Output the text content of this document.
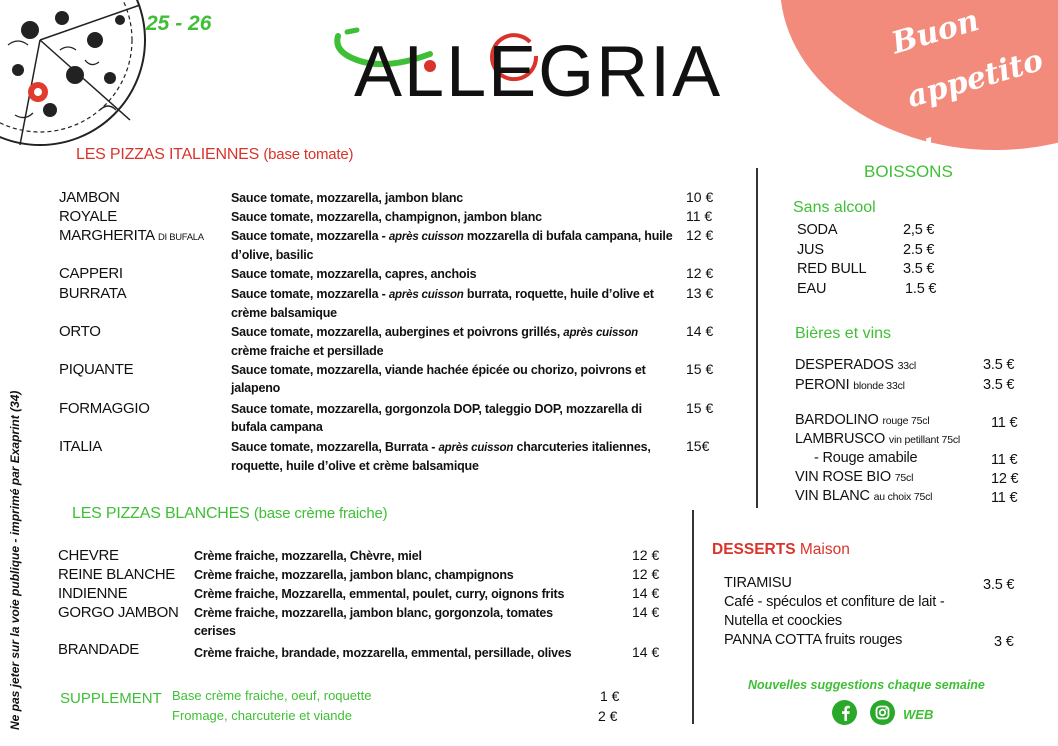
25 - 26
ALLEGRIA	Buon appetito !
Ne pas jeter sur la voie publique - imprimé par Exaprint (34)
LES PIZZAS ITALIENNES (base tomate)
JAMBON	Sauce tomate, mozzarella, jambon blanc	10 €
ROYALE	Sauce tomate, mozzarella, champignon, jambon blanc	11 €
MARGHERITA DI BUFALA Sauce tomate, mozzarella - après cuisson mozzarella di bufala campana, huile d’olive, basilic
12 €
CAPPERI	Sauce tomate, mozzarella, capres, anchois	12 €
BURRATA	Sauce tomate, mozzarella - après cuisson burrata, roquette, huile d’olive et crème balsamique
13 €
ORTO	Sauce tomate, mozzarella, aubergines et poivrons grillés, après cuisson crème fraiche et persillade
14 €
PIQUANTE	Sauce tomate, mozzarella, viande hachée épicée ou chorizo, poivrons et jalapeno
15 €
FORMAGGIO	Sauce tomate, mozzarella, gorgonzola DOP, taleggio DOP, mozzarella di bufala campana
15 €
ITALIA	Sauce tomate, mozzarella, Burrata - après cuisson charcuteries italiennes, roquette, huile d’olive et crème balsamique
15€
LES PIZZAS BLANCHES (base crème fraiche)
CHEVRE	Crème fraiche, mozzarella, Chèvre, miel	12 €
REINE BLANCHE Crème fraiche, mozzarella, jambon blanc, champignons	12 €
INDIENNE	Crème fraiche, Mozzarella, emmental, poulet, curry, oignons frits	14 €
GORGO JAMBON Crème fraiche, mozzarella, jambon blanc, gorgonzola, tomates cerises
14 €
BRANDADE	Crème fraiche, brandade, mozzarella, emmental, persillade, olives	14 €
SUPPLEMENT Base crème fraiche, oeuf, roquette	1 €
Fromage, charcuterie et viande	2 €
BOISSONS
Sans alcool
SODA	2,5 €
JUS	2.5 €
RED BULL	3.5 €
EAU	1.5 €
Bières et vins
DESPERADOS 33cl	3.5 €
PERONI blonde 33cl	3.5 €
BARDOLINO rouge 75cl	11 €
LAMBRUSCO vin petillant 75cl
- Rouge amabile	11 €
VIN ROSE BIO 75cl	12 €
VIN BLANC au choix 75cl	11 €
DESSERTS Maison
TIRAMISU	3.5 €
Café - spéculos et confiture de lait -
Nutella et coockies
PANNA COTTA fruits rouges	3 €
Nouvelles suggestions chaque semaine
WEB
